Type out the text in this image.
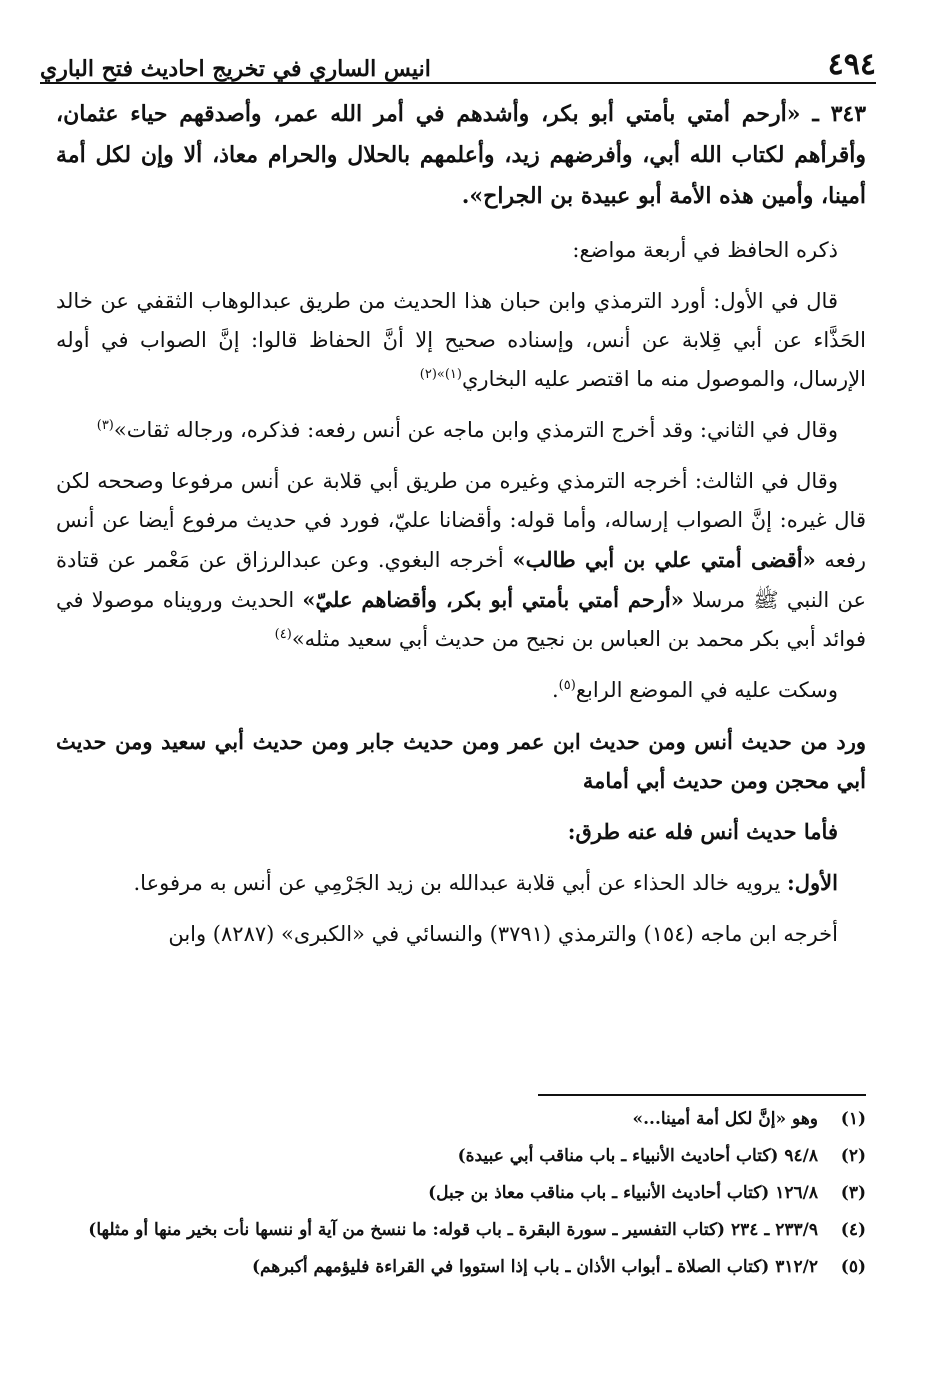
٤٩٤
انيس الساري في تخريج احاديث فتح الباري

٣٤٣ ـ «أرحم أمتي بأمتي أبو بكر، وأشدهم في أمر الله عمر، وأصدقهم حياء عثمان، وأقرأهم لكتاب الله أبي، وأفرضهم زيد، وأعلمهم بالحلال والحرام معاذ، ألا وإن لكل أمة أمينا، وأمين هذه الأمة أبو عبيدة بن الجراح».

ذكره الحافظ في أربعة مواضع:

قال في الأول: أورد الترمذي وابن حبان هذا الحديث من طريق عبدالوهاب الثقفي عن خالد الحَذَّاء عن أبي قِلابة عن أنس، وإسناده صحيح إلا أنَّ الحفاظ قالوا: إنَّ الصواب في أوله الإرسال، والموصول منه ما اقتصر عليه البخاري$^{(١)»(٢)}$

وقال في الثاني: وقد أخرج الترمذي وابن ماجه عن أنس رفعه: فذكره، ورجاله ثقات»$^{(٣)}$

وقال في الثالث: أخرجه الترمذي وغيره من طريق أبي قلابة عن أنس مرفوعا وصححه لكن قال غيره: إنَّ الصواب إرساله، وأما قوله: وأقضانا عليّ، فورد في حديث مرفوع أيضا عن أنس رفعه «أقضى أمتي علي بن أبي طالب» أخرجه البغوي. وعن عبدالرزاق عن مَعْمر عن قتادة عن النبي ﷺ مرسلا «أرحم أمتي بأمتي أبو بكر، وأقضاهم عليّ» الحديث ورويناه موصولا في فوائد أبي بكر محمد بن العباس بن نجيح من حديث أبي سعيد مثله»$^{(٤)}$

وسكت عليه في الموضع الرابع$^{(٥)}$.

ورد من حديث أنس ومن حديث ابن عمر ومن حديث جابر ومن حديث أبي سعيد ومن حديث أبي محجن ومن حديث أبي أمامة

فأما حديث أنس فله عنه طرق:

الأول: يرويه خالد الحذاء عن أبي قلابة عبدالله بن زيد الجَرْمِي عن أنس به مرفوعا.

أخرجه ابن ماجه (١٥٤) والترمذي (٣٧٩١) والنسائي في «الكبرى» (٨٢٨٧) وابن

(١)
وهو «إنَّ لكل أمة أمينا...»
(٢)
٩٤/٨ (كتاب أحاديث الأنبياء ـ باب مناقب أبي عبيدة)
(٣)
١٢٦/٨ (كتاب أحاديث الأنبياء ـ باب مناقب معاذ بن جبل)
(٤)
٢٣٣/٩ ـ ٢٣٤ (كتاب التفسير ـ سورة البقرة ـ باب قوله: ما ننسخ من آية أو ننسها نأت بخير منها أو مثلها)
(٥)
٣١٢/٢ (كتاب الصلاة ـ أبواب الأذان ـ باب إذا استووا في القراءة فليؤمهم أكبرهم)
